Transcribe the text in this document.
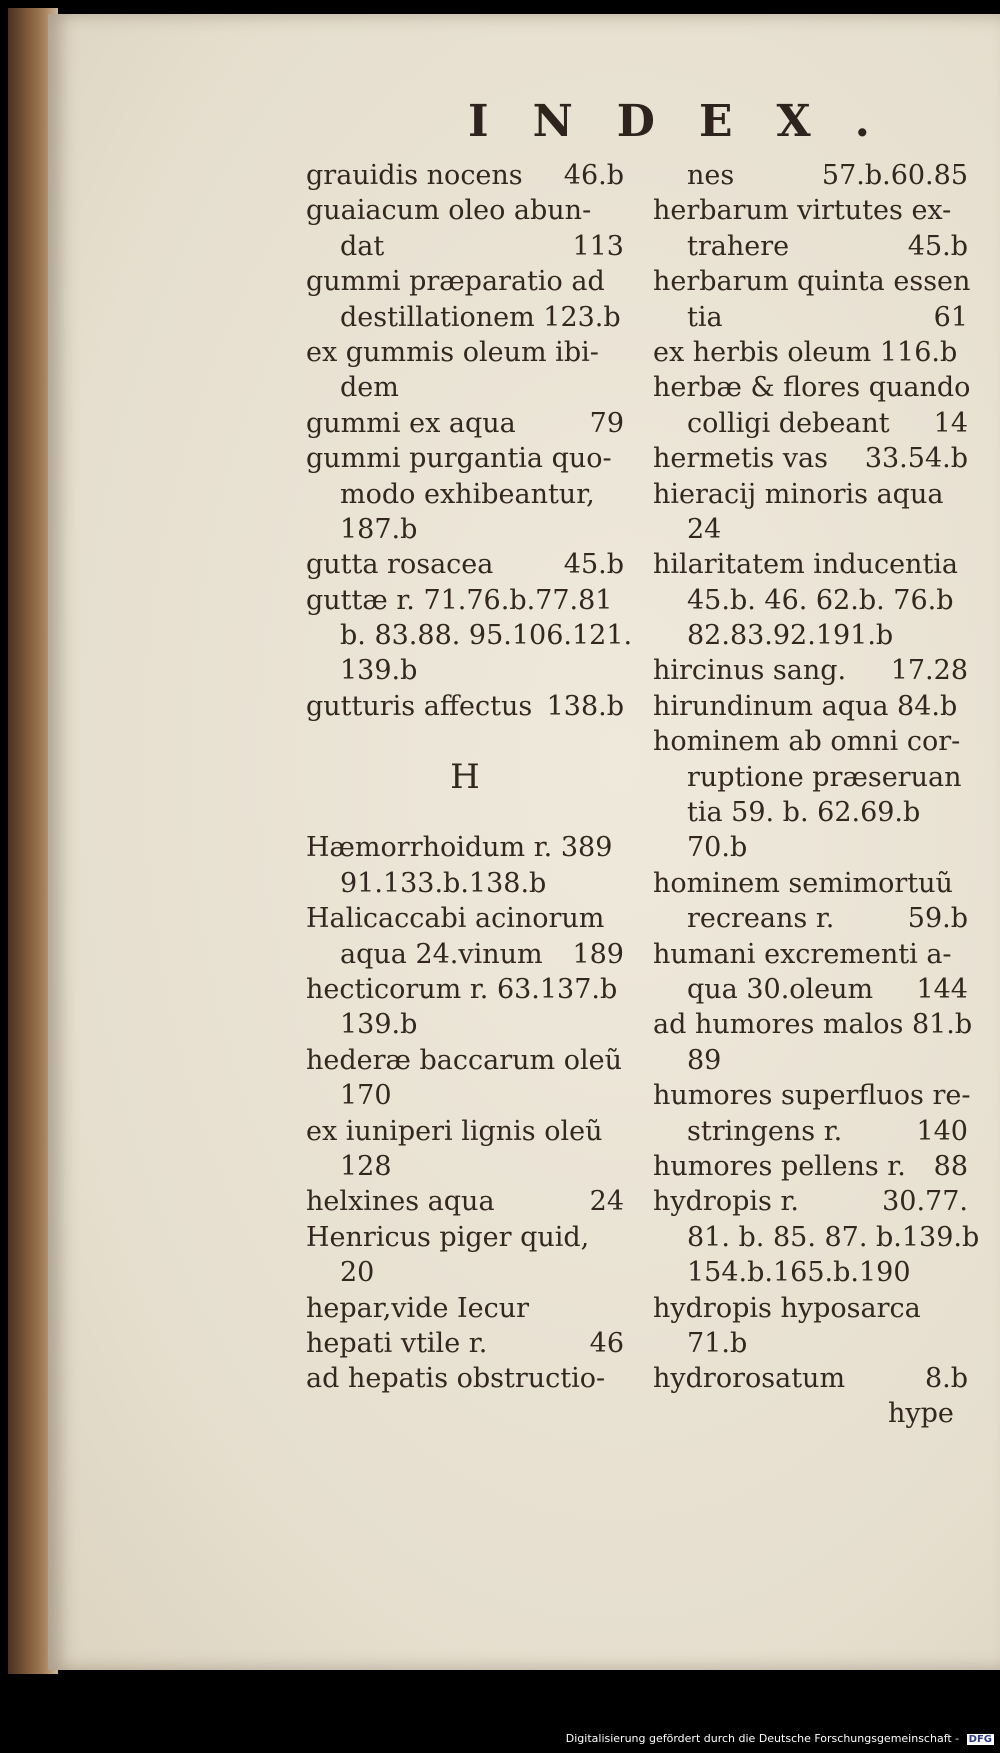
INDEX.
grauidis nocens 46.b
guaiacum oleo abun-
dat	113
gummi præparatio ad
destillationem 123.b
ex gummis oleum ibi-
dem
gummi ex aqua	79
gummi purgantia quo-
modo exhibeantur,
187.b
gutta rosacea	45.b
guttæ r. 71.76.b.77.81
b. 83.88. 95.106.121.
139.b
gutturis affectus 138.b
H
Hæmorrhoidum r. 389
91.133.b.138.b
Halicaccabi acinorum
aqua 24.vinum 189
hecticorum r. 63.137.b
139.b
hederæ baccarum oleũ
170
ex iuniperi lignis oleũ
128
helxines aqua	24
Henricus piger quid,
20
hepar,vide Iecur
hepati vtile r.	46
ad hepatis obstructio-
nes	57.b.60.85
herbarum virtutes ex-
trahere	45.b
herbarum quinta essen
tia	61
ex herbis oleum 116.b
herbæ & flores quando
colligi debeant 14
hermetis vas 33.54.b
hieracij minoris aqua
24
hilaritatem inducentia
45.b. 46. 62.b. 76.b
82.83.92.191.b
hircinus sang. 17.28
hirundinum aqua 84.b
hominem ab omni cor-
ruptione præseruan
tia 59. b. 62.69.b
70.b
hominem semimortuũ
recreans r.	59.b
humani excrementi a-
qua 30.oleum 144
ad humores malos 81.b
89
humores superfluos re-
stringens r.	140
humores pellens r. 88
hydropis r.	30.77.
81. b. 85. 87. b.139.b
154.b.165.b.190
hydropis hyposarca
71.b
hydrorosatum	8.b
hype
Digitalisierung gefördert durch die Deutsche Forschungsgemeinschaft - DFG
